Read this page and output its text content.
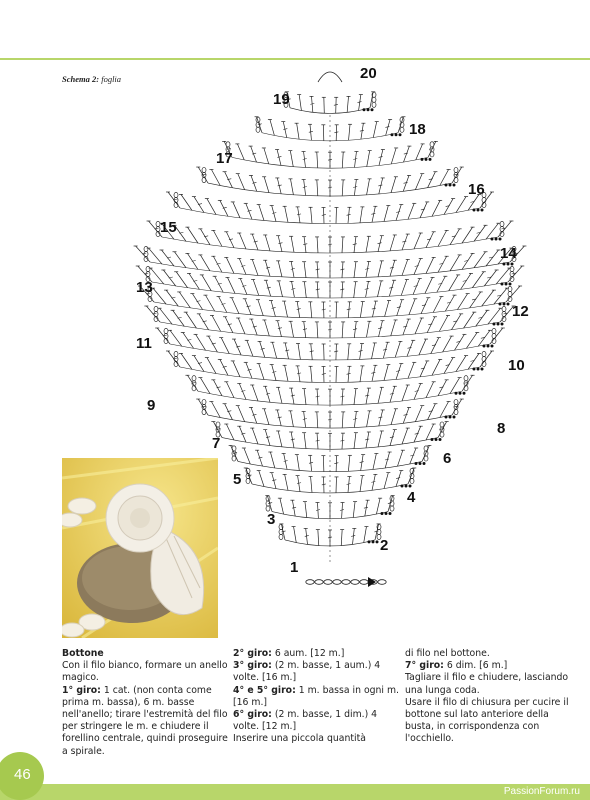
Schema 2: foglia
1
2
3
4
5
6
7
8
9
10
11
12
13
14
15
16
17
18
19
20

Bottone

Con il filo bianco, formare un anello magico.

1° giro: 1 cat. (non conta come prima m. bassa), 6 m. basse nell'anello; tirare l'estremità del filo per stringere le m. e chiudere il forellino centrale, quindi proseguire a spirale.

2° giro: 6 aum. [12 m.]

3° giro: (2 m. basse, 1 aum.) 4 volte. [16 m.]

4° e 5° giro: 1 m. bassa in ogni m. [16 m.]

6° giro: (2 m. basse, 1 dim.) 4 volte. [12 m.]

Inserire una piccola quantità

di filo nel bottone.

7° giro: 6 dim. [6 m.]

Tagliare il filo e chiudere, lasciando una lunga coda.

Usare il filo di chiusura per cucire il bottone sul lato anteriore della busta, in corrispondenza con l'occhiello.

46
PassionForum.ru
